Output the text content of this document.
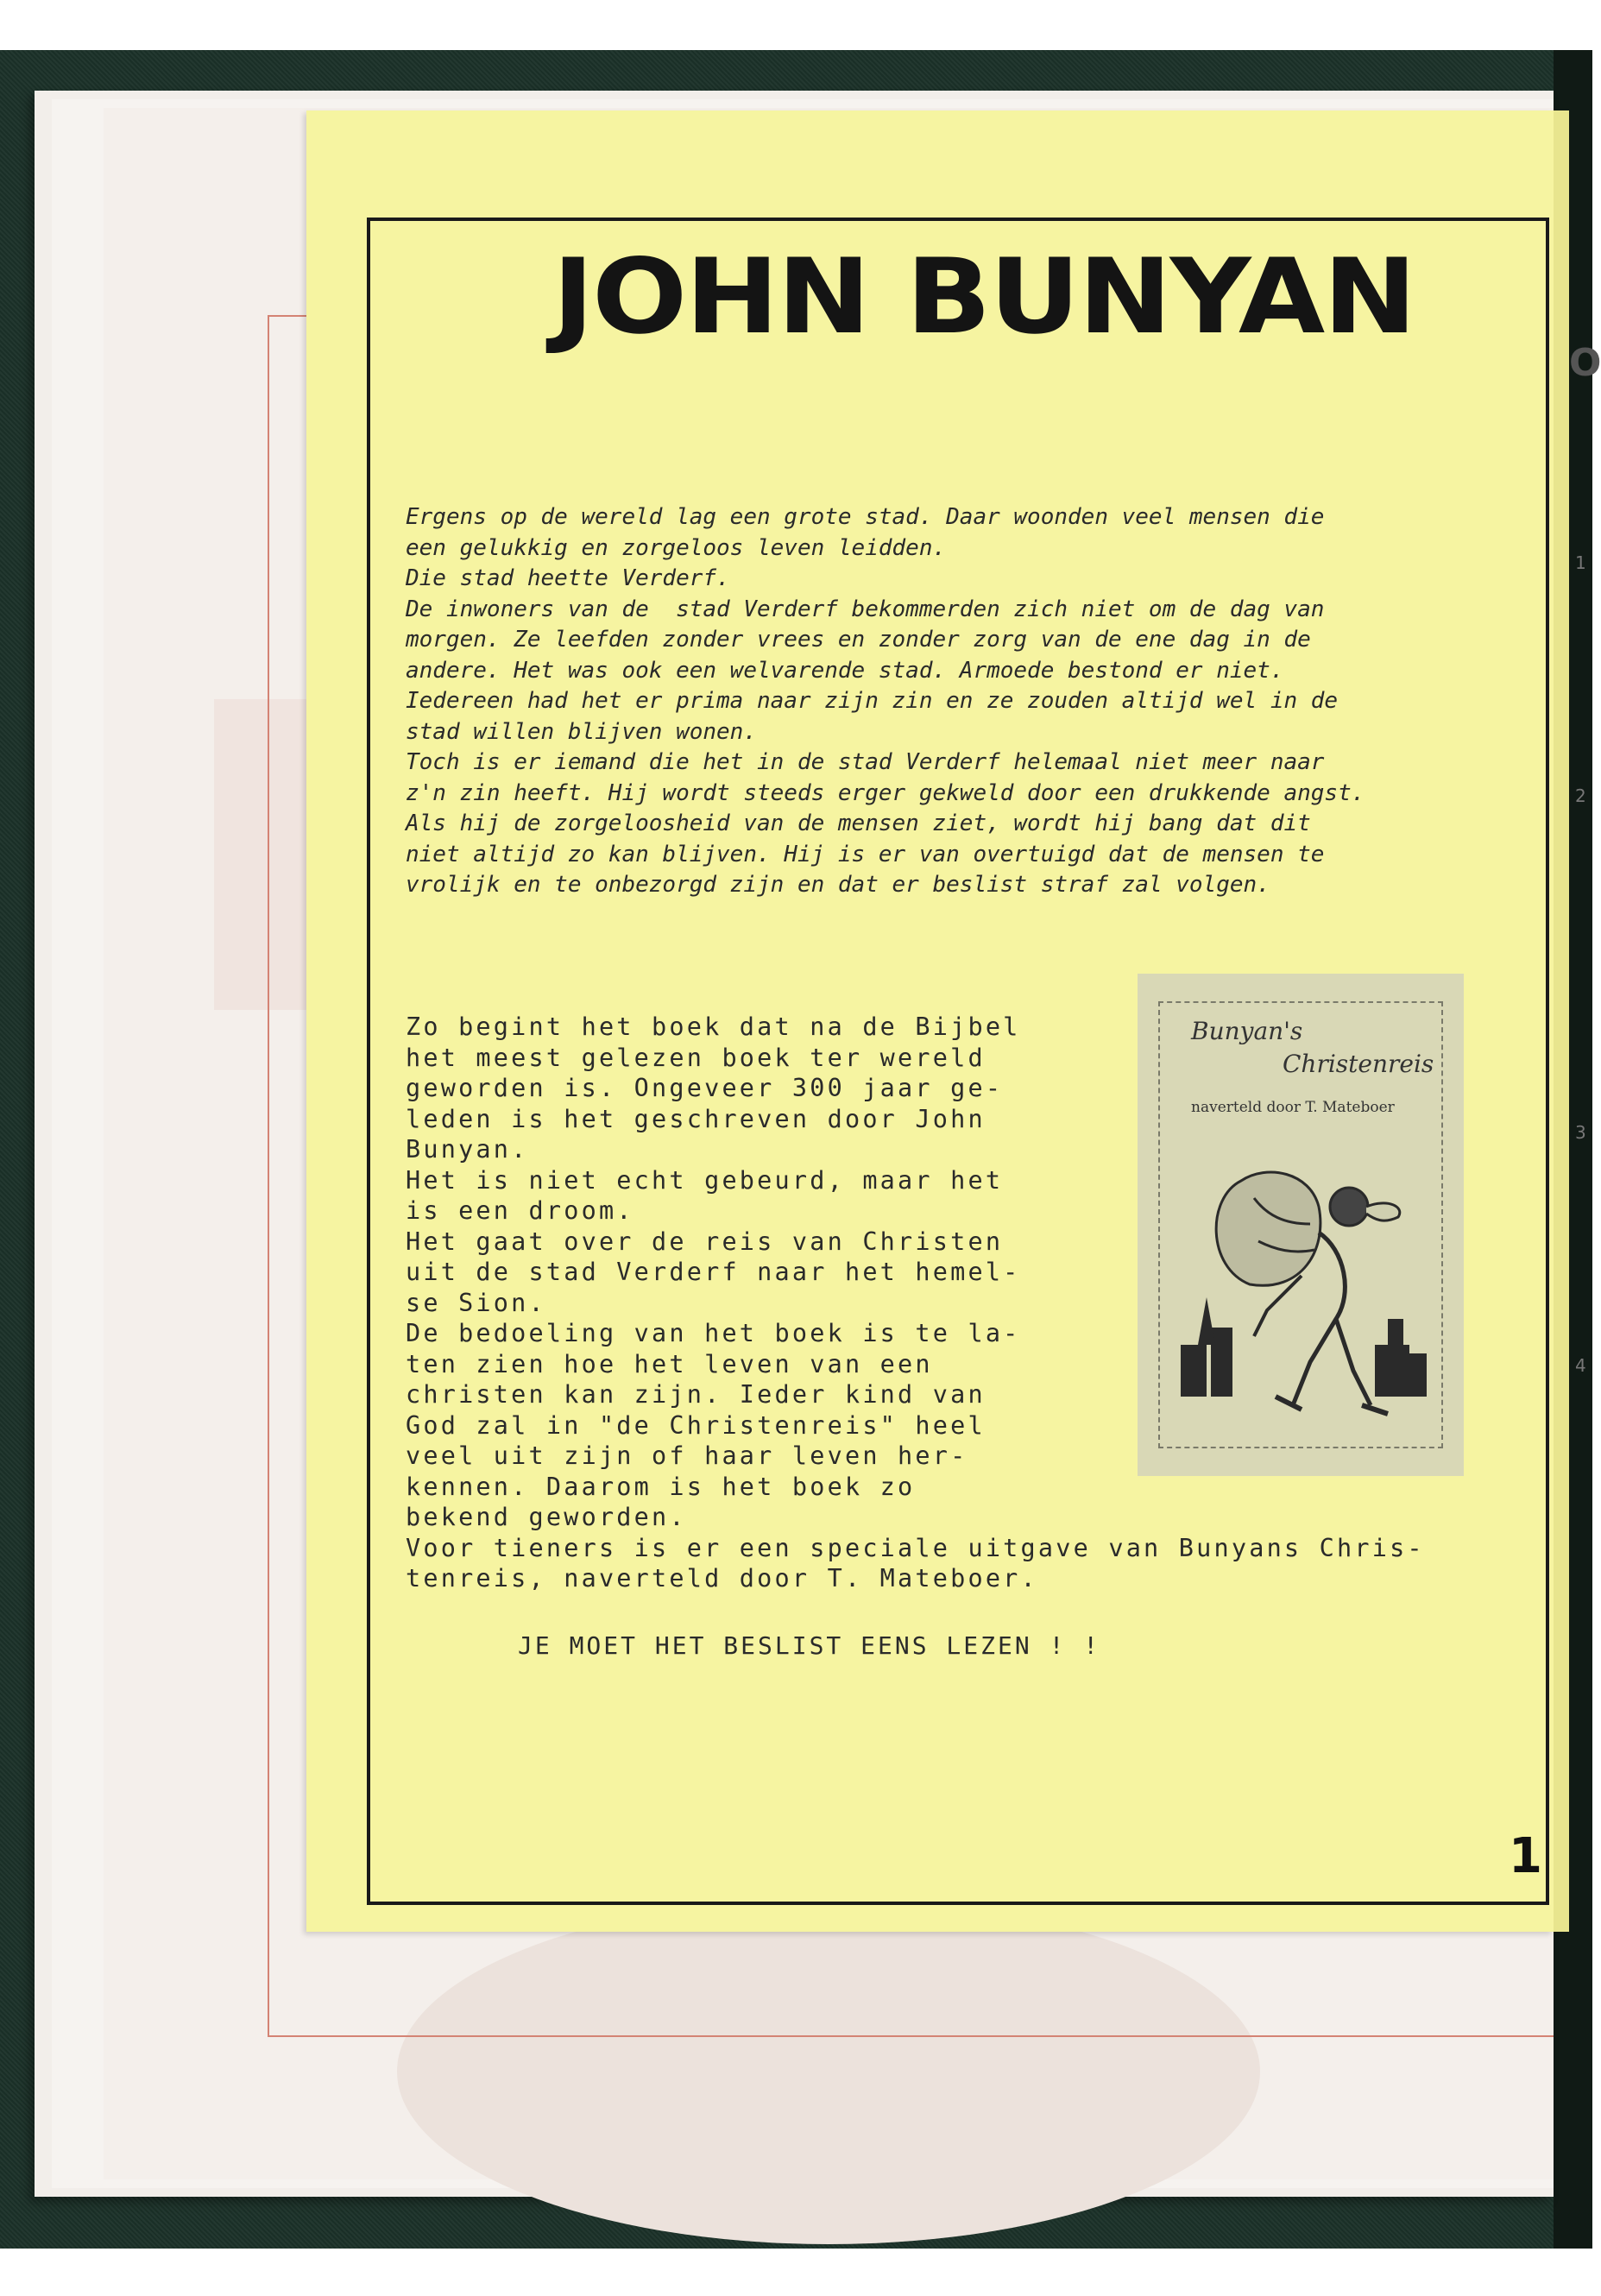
JOHN BUNYAN
Ergens op de wereld lag een grote stad. Daar woonden veel mensen die
een gelukkig en zorgeloos leven leidden.
Die stad heette Verderf.
De inwoners van de  stad Verderf bekommerden zich niet om de dag van
morgen. Ze leefden zonder vrees en zonder zorg van de ene dag in de
andere. Het was ook een welvarende stad. Armoede bestond er niet.
Iedereen had het er prima naar zijn zin en ze zouden altijd wel in de
stad willen blijven wonen.
Toch is er iemand die het in de stad Verderf helemaal niet meer naar
z'n zin heeft. Hij wordt steeds erger gekweld door een drukkende angst.
Als hij de zorgeloosheid van de mensen ziet, wordt hij bang dat dit
niet altijd zo kan blijven. Hij is er van overtuigd dat de mensen te
vrolijk en te onbezorgd zijn en dat er beslist straf zal volgen.
Zo begint het boek dat na de Bijbel
het meest gelezen boek ter wereld
geworden is. Ongeveer 300 jaar ge-
leden is het geschreven door John
Bunyan.
Het is niet echt gebeurd, maar het
is een droom.
Het gaat over de reis van Christen
uit de stad Verderf naar het hemel-
se Sion.
De bedoeling van het boek is te la-
ten zien hoe het leven van een
christen kan zijn. Ieder kind van
God zal in "de Christenreis" heel
veel uit zijn of haar leven her-
kennen. Daarom is het boek zo
bekend geworden.
Voor tieners is er een speciale uitgave van Bunyans Chris-
tenreis, naverteld door T. Mateboer.
JE MOET HET BESLIST EENS LEZEN ! !
Bunyan's
Christenreis
naverteld door T. Mateboer
1
O
1
2
3
4
